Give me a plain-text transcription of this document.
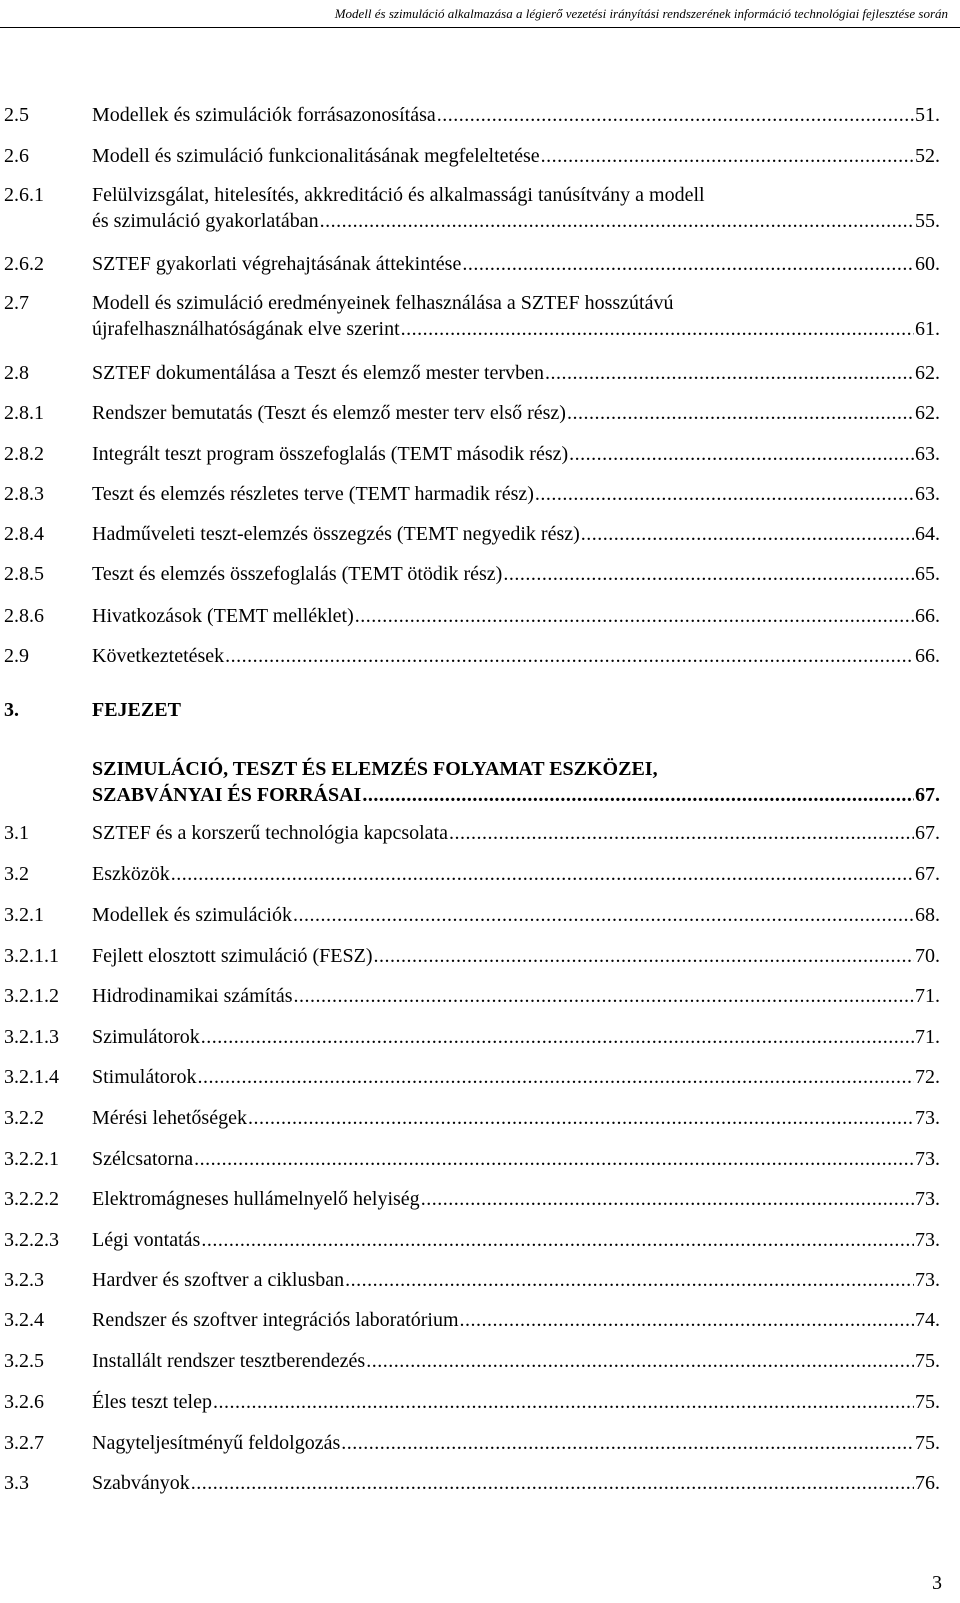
Modell és szimuláció alkalmazása a légierő vezetési irányítási rendszerének információ technológiai fejlesztése során
2.5	Modellek és szimulációk forrásazonosítása .....	51.
2.6	Modell és szimuláció funkcionalitásának megfeleltetése .....	52.
2.6.1 Felülvizsgálat, hitelesítés, akkreditáció és alkalmassági tanúsítvány a modell
és szimuláció gyakorlatában .....	55.
2.6.2 SZTEF gyakorlati végrehajtásának áttekintése .....	60.
2.7	Modell és szimuláció eredményeinek felhasználása a SZTEF hosszútávú
újrafelhasználhatóságának elve szerint .....	61.
2.8	SZTEF dokumentálása a Teszt és elemző mester tervben .....	62.
2.8.1 Rendszer bemutatás (Teszt és elemző mester terv első rész) .....	62.
2.8.2 Integrált teszt program összefoglalás (TEMT második rész) .....	63.
2.8.3 Teszt és elemzés részletes terve (TEMT harmadik rész) .....	63.
2.8.4 Hadműveleti teszt-elemzés összegzés (TEMT negyedik rész) .....	64.
2.8.5 Teszt és elemzés összefoglalás (TEMT ötödik rész) .....	65.
2.8.6 Hivatkozások (TEMT melléklet) .....	66.
2.9	Következtetések .....	66.
3.	FEJEZET
SZIMULÁCIÓ, TESZT ÉS ELEMZÉS FOLYAMAT ESZKÖZEI,
SZABVÁNYAI ÉS FORRÁSAI .....	67.
3.1	SZTEF és a korszerű technológia kapcsolata .....	67.
3.2	Eszközök .....	67.
3.2.1 Modellek és szimulációk .....	68.
3.2.1.1 Fejlett elosztott szimuláció (FESZ) .....	70.
3.2.1.2 Hidrodinamikai számítás .....	71.
3.2.1.3 Szimulátorok .....	71.
3.2.1.4 Stimulátorok .....	72.
3.2.2 Mérési lehetőségek .....	73.
3.2.2.1 Szélcsatorna .....	73.
3.2.2.2 Elektromágneses hullámelnyelő helyiség .....	73.
3.2.2.3 Légi vontatás .....	73.
3.2.3 Hardver és szoftver a ciklusban .....	73.
3.2.4 Rendszer és szoftver integrációs laboratórium .....	74.
3.2.5 Installált rendszer tesztberendezés .....	75.
3.2.6 Éles teszt telep .....	75.
3.2.7 Nagyteljesítményű feldolgozás .....	75.
3.3	Szabványok .....	76.
3
